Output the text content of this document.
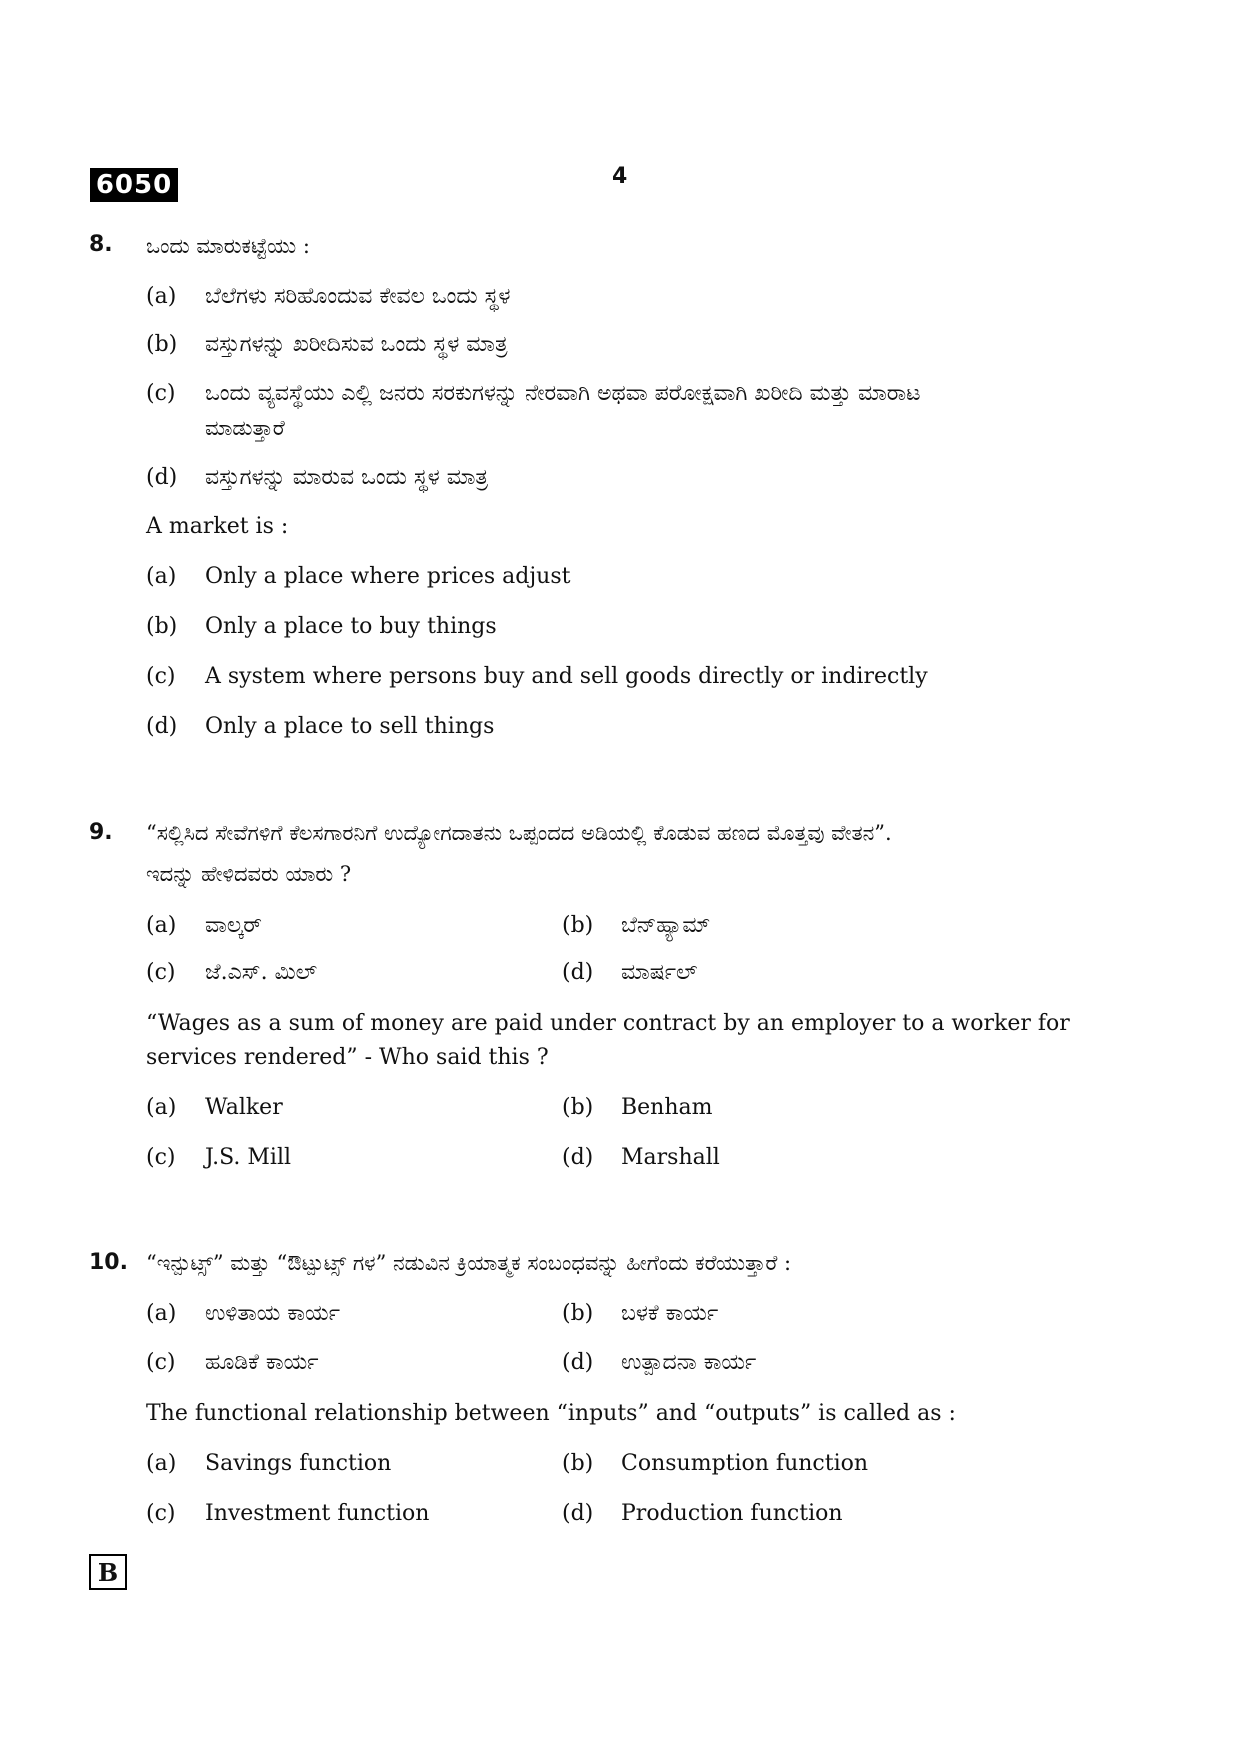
6050	4
8. ಒಂದು ಮಾರುಕಟ್ಟೆಯು :
(a) ಬೆಲೆಗಳು ಸರಿಹೊಂದುವ ಕೇವಲ ಒಂದು ಸ್ಥಳ
(b) ವಸ್ತುಗಳನ್ನು ಖರೀದಿಸುವ ಒಂದು ಸ್ಥಳ ಮಾತ್ರ
(c) ಒಂದು ವ್ಯವಸ್ಥೆಯು ಎಲ್ಲಿ ಜನರು ಸರಕುಗಳನ್ನು ನೇರವಾಗಿ ಅಥವಾ ಪರೋಕ್ಷವಾಗಿ ಖರೀದಿ ಮತ್ತು ಮಾರಾಟ
ಮಾಡುತ್ತಾರೆ
(d) ವಸ್ತುಗಳನ್ನು ಮಾರುವ ಒಂದು ಸ್ಥಳ ಮಾತ್ರ
A market is :
(a) Only a place where prices adjust
(b) Only a place to buy things
(c) A system where persons buy and sell goods directly or indirectly
(d) Only a place to sell things
9. “ಸಲ್ಲಿಸಿದ ಸೇವೆಗಳಿಗೆ ಕೆಲಸಗಾರನಿಗೆ ಉದ್ಯೋಗದಾತನು ಒಪ್ಪಂದದ ಅಡಿಯಲ್ಲಿ ಕೊಡುವ ಹಣದ ಮೊತ್ತವು ವೇತನ”.
ಇದನ್ನು ಹೇಳಿದವರು ಯಾರು ?
(a) ವಾಲ್ಕರ್	(b) ಬೆನ್‌ಹ್ಯಾಮ್
(c) ಜೆ.ಎಸ್. ಮಿಲ್	(d) ಮಾರ್ಷಲ್
“Wages as a sum of money are paid under contract by an employer to a worker for
services rendered” - Who said this ?
(a) Walker	(b) Benham
(c) J.S. Mill	(d) Marshall
10. “ಇನ್ಪುಟ್ಸ್” ಮತ್ತು “ಔಟ್ಪುಟ್ಸ್ ಗಳ” ನಡುವಿನ ಕ್ರಿಯಾತ್ಮಕ ಸಂಬಂಧವನ್ನು ಹೀಗೆಂದು ಕರೆಯುತ್ತಾರೆ :
(a) ಉಳಿತಾಯ ಕಾರ್ಯ	(b) ಬಳಕೆ ಕಾರ್ಯ
(c) ಹೂಡಿಕೆ ಕಾರ್ಯ	(d) ಉತ್ಪಾದನಾ ಕಾರ್ಯ
The functional relationship between “inputs” and “outputs” is called as :
(a) Savings function	(b) Consumption function
(c) Investment function	(d) Production function
B
